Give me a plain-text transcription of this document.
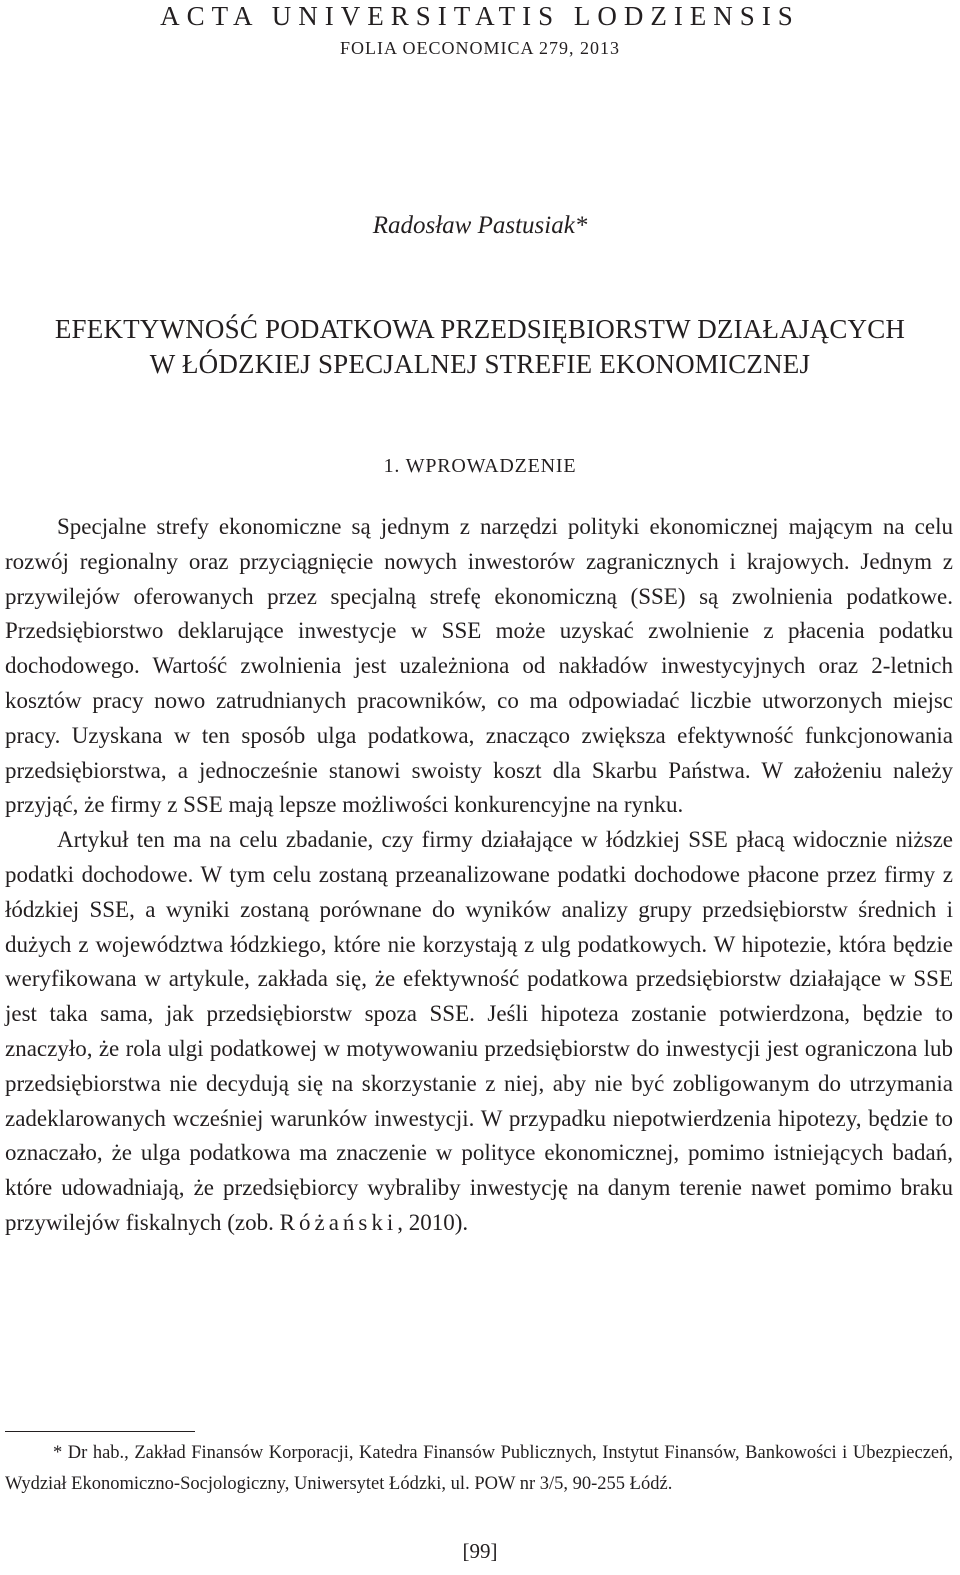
ACTA UNIVERSITATIS LODZIENSIS
FOLIA OECONOMICA 279, 2013
Radosław Pastusiak*
EFEKTYWNOŚĆ PODATKOWA PRZEDSIĘBIORSTW DZIAŁAJĄCYCH
W ŁÓDZKIEJ SPECJALNEJ STREFIE EKONOMICZNEJ
1. WPROWADZENIE

Specjalne strefy ekonomiczne są jednym z narzędzi polityki ekonomicznej mającym na celu rozwój regionalny oraz przyciągnięcie nowych inwestorów zagranicznych i krajowych. Jednym z przywilejów oferowanych przez specjalną strefę ekonomiczną (SSE) są zwolnienia podatkowe. Przedsiębiorstwo deklarujące inwestycje w SSE może uzyskać zwolnienie z płacenia podatku dochodowego. Wartość zwolnienia jest uzależniona od nakładów inwestycyjnych oraz 2-letnich kosztów pracy nowo zatrudnianych pracowników, co ma odpowiadać liczbie utworzonych miejsc pracy. Uzyskana w ten sposób ulga podatkowa, znacząco zwiększa efektywność funkcjonowania przedsiębiorstwa, a jednocześnie stanowi swoisty koszt dla Skarbu Państwa. W założeniu należy przyjąć, że firmy z SSE mają lepsze możliwości konkurencyjne na rynku.

Artykuł ten ma na celu zbadanie, czy firmy działające w łódzkiej SSE płacą widocznie niższe podatki dochodowe. W tym celu zostaną przeanalizowane podatki dochodowe płacone przez firmy z łódzkiej SSE, a wyniki zostaną porównane do wyników analizy grupy przedsiębiorstw średnich i dużych z województwa łódzkiego, które nie korzystają z ulg podatkowych. W hipotezie, która będzie weryfikowana w artykule, zakłada się, że efektywność podatkowa przedsiębiorstw działające w SSE jest taka sama, jak przedsiębiorstw spoza SSE. Jeśli hipoteza zostanie potwierdzona, będzie to znaczyło, że rola ulgi podatkowej w motywowaniu przedsiębiorstw do inwestycji jest ograniczona lub przedsiębiorstwa nie decydują się na skorzystanie z niej, aby nie być zobligowanym do utrzymania zadeklarowanych wcześniej warunków inwestycji. W przypadku niepotwierdzenia hipotezy, będzie to oznaczało, że ulga podatkowa ma znaczenie w polityce ekonomicznej, pomimo istniejących badań, które udowadniają, że przedsiębiorcy wybraliby inwestycję na danym terenie nawet pomimo braku przywilejów fiskalnych (zob. Różański, 2010).

* Dr hab., Zakład Finansów Korporacji, Katedra Finansów Publicznych, Instytut Finansów, Bankowości i Ubezpieczeń, Wydział Ekonomiczno-Socjologiczny, Uniwersytet Łódzki, ul. POW nr 3/5, 90-255 Łódź.

[99]
